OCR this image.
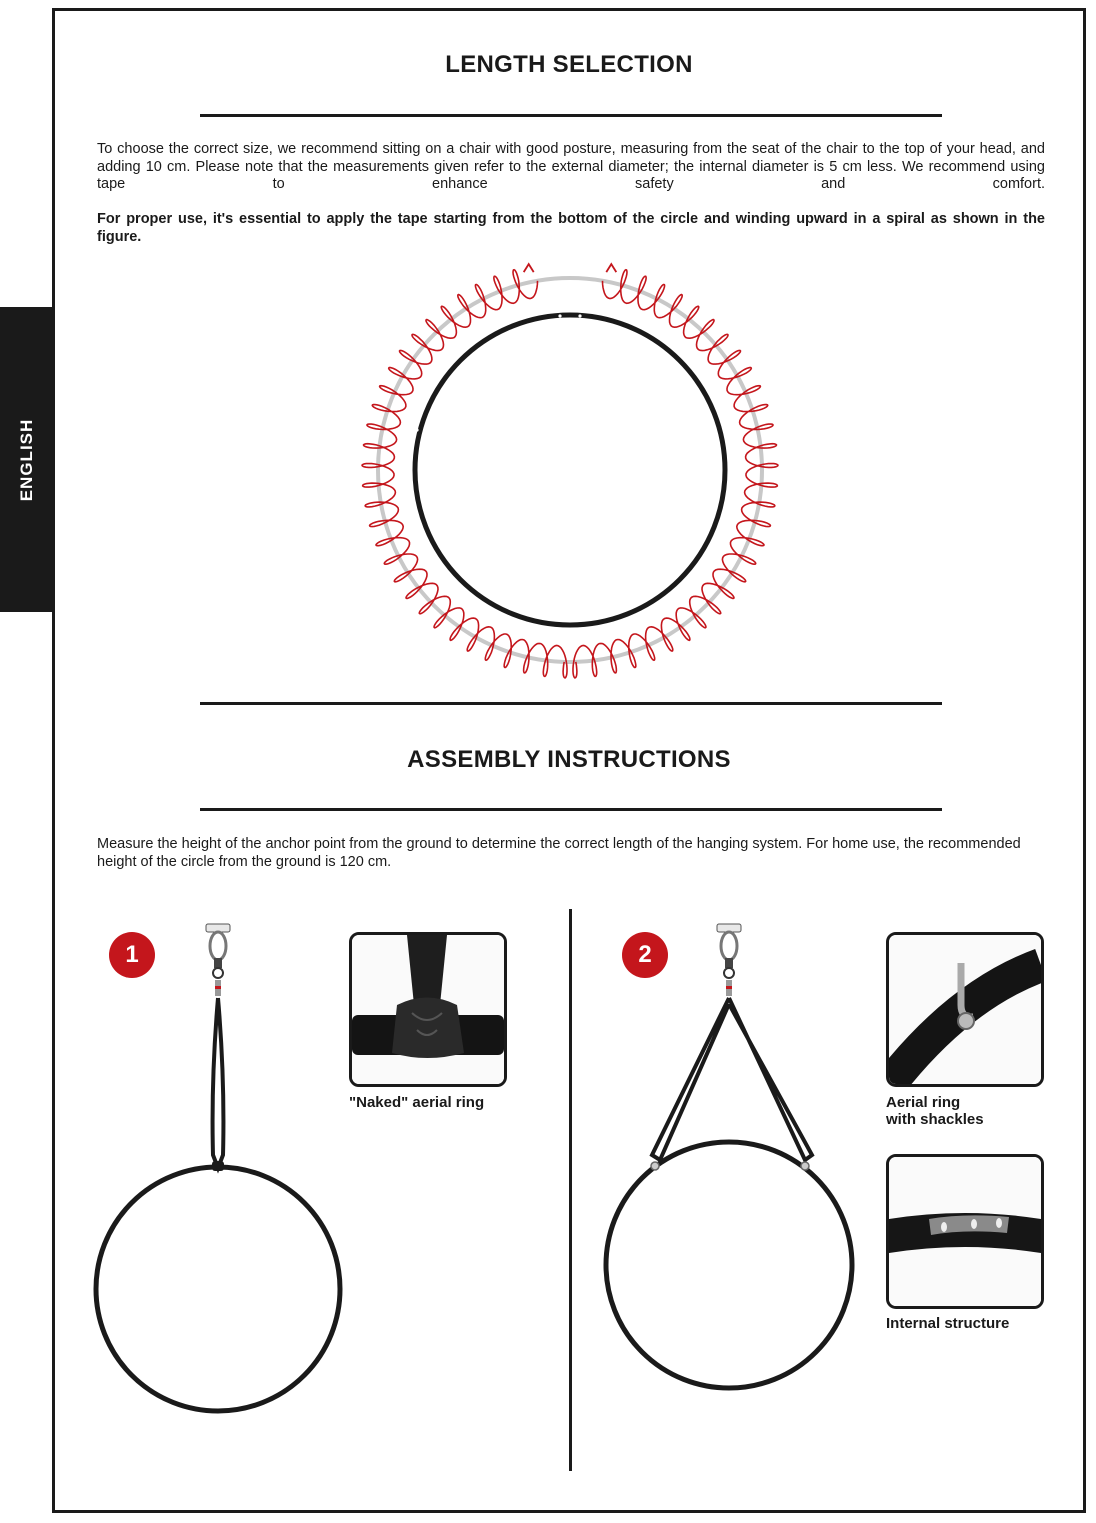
ENGLISH
LENGTH SELECTION
To choose the correct size, we recommend sitting on a chair with good posture, measuring from the seat of the chair to the top of your head, and adding 10 cm. Please note that the measurements given refer to the external diameter; the internal diameter is 5 cm less. We recommend using tape to enhance safety and comfort.
For proper use, it's essential to apply the tape starting from the bottom of the circle and winding upward in a spiral as shown in the figure.
ASSEMBLY INSTRUCTIONS
Measure the height of the anchor point from the ground to determine the correct length of the hanging system. For home use, the recommended height of the circle from the ground is 120 cm.
1
"Naked" aerial ring
2
Aerial ring
with shackles
Internal structure
